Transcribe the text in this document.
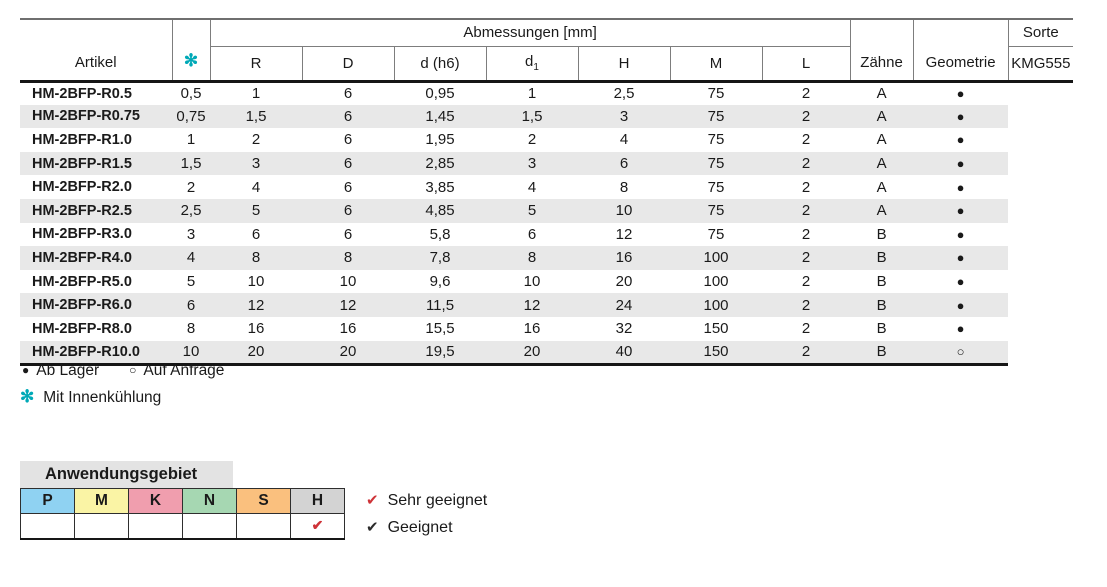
Artikel	✻	Abmessungen [mm]							Zähne	Geometrie	Sorte
		R	D	d (h6)	$d_1$	H	M	L			KMG555
HM-2BFP-R0.5	0,5	1	6	0,95	1	2,5	75	2	A	●	
HM-2BFP-R0.75	0,75	1,5	6	1,45	1,5	3	75	2	A	●	
HM-2BFP-R1.0	1	2	6	1,95	2	4	75	2	A	●	
HM-2BFP-R1.5	1,5	3	6	2,85	3	6	75	2	A	●	
HM-2BFP-R2.0	2	4	6	3,85	4	8	75	2	A	●	
HM-2BFP-R2.5	2,5	5	6	4,85	5	10	75	2	A	●	
HM-2BFP-R3.0	3	6	6	5,8	6	12	75	2	B	●	
HM-2BFP-R4.0	4	8	8	7,8	8	16	100	2	B	●	
HM-2BFP-R5.0	5	10	10	9,6	10	20	100	2	B	●	
HM-2BFP-R6.0	6	12	12	11,5	12	24	100	2	B	●	
HM-2BFP-R8.0	8	16	16	15,5	16	32	150	2	B	●	
HM-2BFP-R10.0	10	20	20	19,5	20	40	150	2	B	○	
● Ab Lager	○ Auf Anfrage
✻ Mit Innenkühlung
Anwendungsgebiet
P	M	K	N	S	H
					✔
✔ Sehr geeignet
✔ Geeignet
